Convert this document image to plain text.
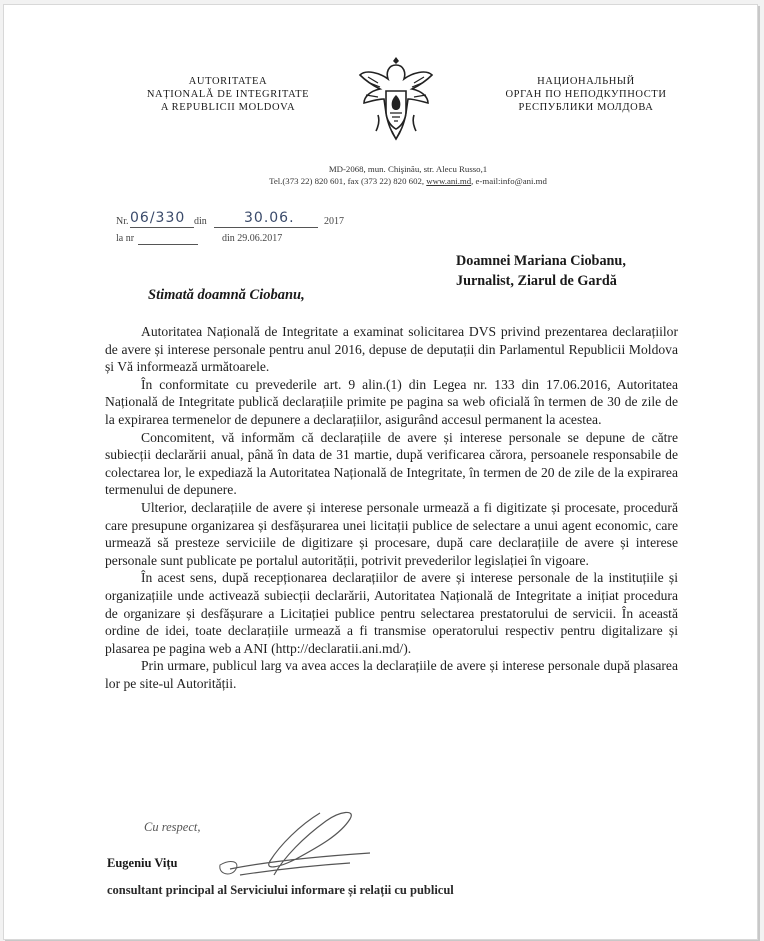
AUTORITATEA
NAȚIONALĂ DE INTEGRITATE
A REPUBLICII MOLDOVA
НАЦИОНАЛЬНЫЙ
ОРГАН ПО НЕПОДКУПНОСТИ
РЕСПУБЛИКИ МОЛДОВА
MD-2068, mun. Chişinău, str. Alecu Russo,1
Tel.(373 22) 820 601, fax (373 22) 820 602, www.ani.md, e-mail:info@ani.md
Nr. 06/330 din	30.06.	2017
la nr	din 29.06.2017
Doamnei Mariana Ciobanu,
Jurnalist, Ziarul de Gardă
Stimată doamnă Ciobanu,

Autoritatea Națională de Integritate a examinat solicitarea DVS privind prezentarea declarațiilor de avere și interese personale pentru anul 2016, depuse de deputații din Parlamentul Republicii Moldova și Vă informează următoarele.

În conformitate cu prevederile art. 9 alin.(1) din Legea nr. 133 din 17.06.2016, Autoritatea Națională de Integritate publică declarațiile primite pe pagina sa web oficială în termen de 30 de zile de la expirarea termenelor de depunere a declarațiilor, asigurând accesul permanent la acestea.

Concomitent, vă informăm că declarațiile de avere și interese personale se depune de către subiecții declarării anual, până în data de 31 martie, după verificarea cărora, persoanele responsabile de colectarea lor, le expediază la Autoritatea Națională de Integritate, în termen de 20 de zile de la expirarea termenului de depunere.

Ulterior, declarațiile de avere și interese personale urmează a fi digitizate și procesate, procedură care presupune organizarea și desfășurarea unei licitații publice de selectare a unui agent economic, care urmează să presteze serviciile de digitizare și procesare, după care declarațiile de avere și interese personale sunt publicate pe portalul autorității, potrivit prevederilor legislației în vigoare.

În acest sens, după recepționarea declarațiilor de avere și interese personale de la instituțiile și organizațiile unde activează subiecții declarării, Autoritatea Națională de Integritate a inițiat procedura de organizare și desfășurare a Licitației publice pentru selectarea prestatorului de servicii. În această ordine de idei, toate declarațiile urmează a fi transmise operatorului respectiv pentru digitalizare și plasarea pe pagina web a ANI (http://declaratii.ani.md/).

Prin urmare, publicul larg va avea acces la declarațiile de avere și interese personale după plasarea lor pe site-ul Autorității.

Cu respect,
Eugeniu Vițu
consultant principal al Serviciului informare și relații cu publicul
